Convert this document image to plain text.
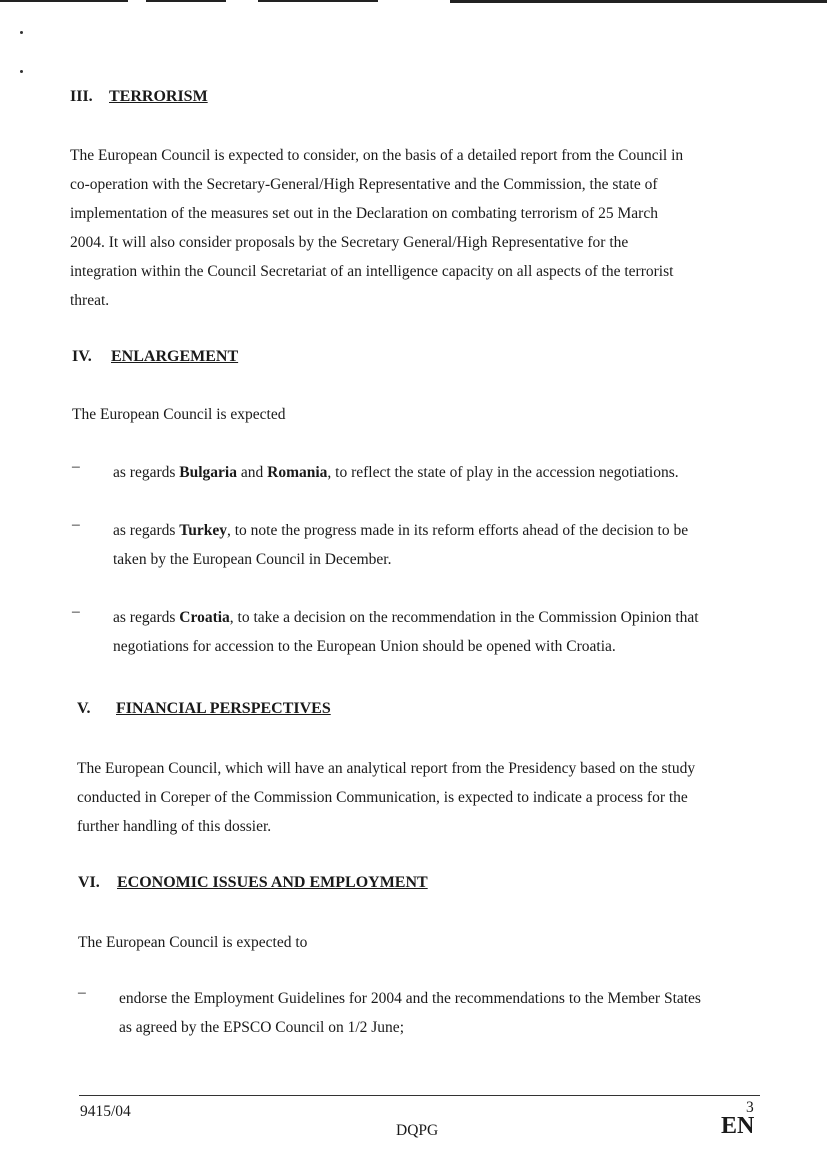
III. TERRORISM
The European Council is expected to consider, on the basis of a detailed report from the Council in
co-operation with the Secretary-General/High Representative and the Commission, the state of
implementation of the measures set out in the Declaration on combating terrorism of 25 March
2004. It will also consider proposals by the Secretary General/High Representative for the
integration within the Council Secretariat of an intelligence capacity on all aspects of the terrorist
threat.
IV. ENLARGEMENT
The European Council is expected
– as regards Bulgaria and Romania, to reflect the state of play in the accession negotiations.
– as regards Turkey, to note the progress made in its reform efforts ahead of the decision to be
taken by the European Council in December.
– as regards Croatia, to take a decision on the recommendation in the Commission Opinion that
negotiations for accession to the European Union should be opened with Croatia.
V. FINANCIAL PERSPECTIVES
The European Council, which will have an analytical report from the Presidency based on the study
conducted in Coreper of the Commission Communication, is expected to indicate a process for the
further handling of this dossier.
VI. ECONOMIC ISSUES AND EMPLOYMENT
The European Council is expected to
– endorse the Employment Guidelines for 2004 and the recommendations to the Member States
as agreed by the EPSCO Council on 1/2 June;
9415/04
DQPG
3
EN
